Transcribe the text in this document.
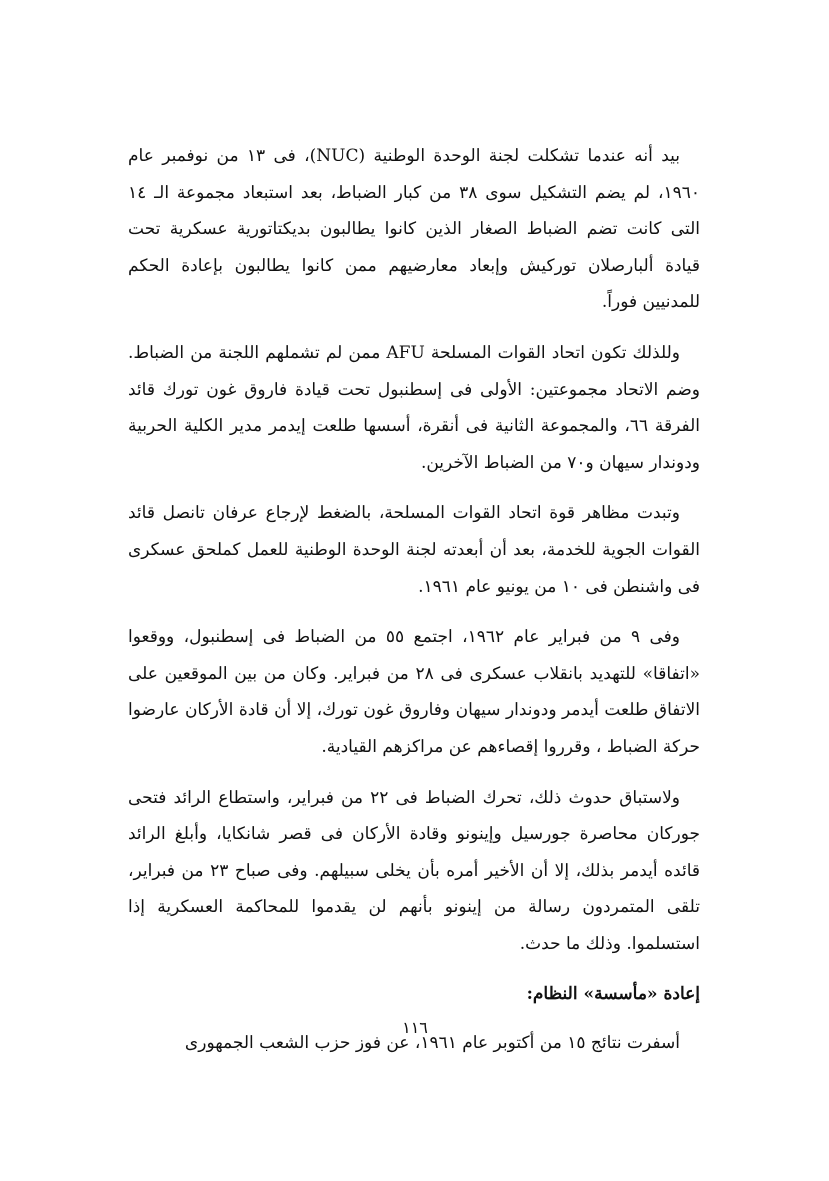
بيد أنه عندما تشكلت لجنة الوحدة الوطنية (NUC)، فى ١٣ من نوفمبر عام ١٩٦٠، لم يضم التشكيل سوى ٣٨ من كبار الضباط، بعد استبعاد مجموعة الـ ١٤ التى كانت تضم الضباط الصغار الذين كانوا يطالبون بديكتاتورية عسكرية تحت قيادة ألبارصلان توركيش وإبعاد معارضيهم ممن كانوا يطالبون بإعادة الحكم للمدنيين فوراً.

وللذلك تكون اتحاد القوات المسلحة AFU ممن لم تشملهم اللجنة من الضباط. وضم الاتحاد مجموعتين: الأولى فى إسطنبول تحت قيادة فاروق غون تورك قائد الفرقة ٦٦، والمجموعة الثانية فى أنقرة، أسسها طلعت إيدمر مدير الكلية الحربية ودوندار سيهان و٧٠ من الضباط الآخرين.

وتبدت مظاهر قوة اتحاد القوات المسلحة، بالضغط لإرجاع عرفان تانصل قائد القوات الجوية للخدمة، بعد أن أبعدته لجنة الوحدة الوطنية للعمل كملحق عسكرى فى واشنطن فى ١٠ من يونيو عام ١٩٦١.

وفى ٩ من فبراير عام ١٩٦٢، اجتمع ٥٥ من الضباط فى إسطنبول، ووقعوا «اتفاقا» للتهديد بانقلاب عسكرى فى ٢٨ من فبراير. وكان من بين الموقعين على الاتفاق طلعت أيدمر ودوندار سيهان وفاروق غون تورك، إلا أن قادة الأركان عارضوا حركة الضباط ، وقرروا إقصاءهم عن مراكزهم القيادية.

ولاستباق حدوث ذلك، تحرك الضباط فى ٢٢ من فبراير، واستطاع الرائد فتحى جوركان محاصرة جورسيل وإينونو وقادة الأركان فى قصر شانكايا، وأبلغ الرائد قائده أيدمر بذلك، إلا أن الأخير أمره بأن يخلى سبيلهم. وفى صباح ٢٣ من فبراير، تلقى المتمردون رسالة من إينونو بأنهم لن يقدموا للمحاكمة العسكرية إذا استسلموا. وذلك ما حدث.

إعادة «مأسسة» النظام:

أسفرت نتائج ١٥ من أكتوبر عام ١٩٦١، عن فوز حزب الشعب الجمهورى

١١٦
